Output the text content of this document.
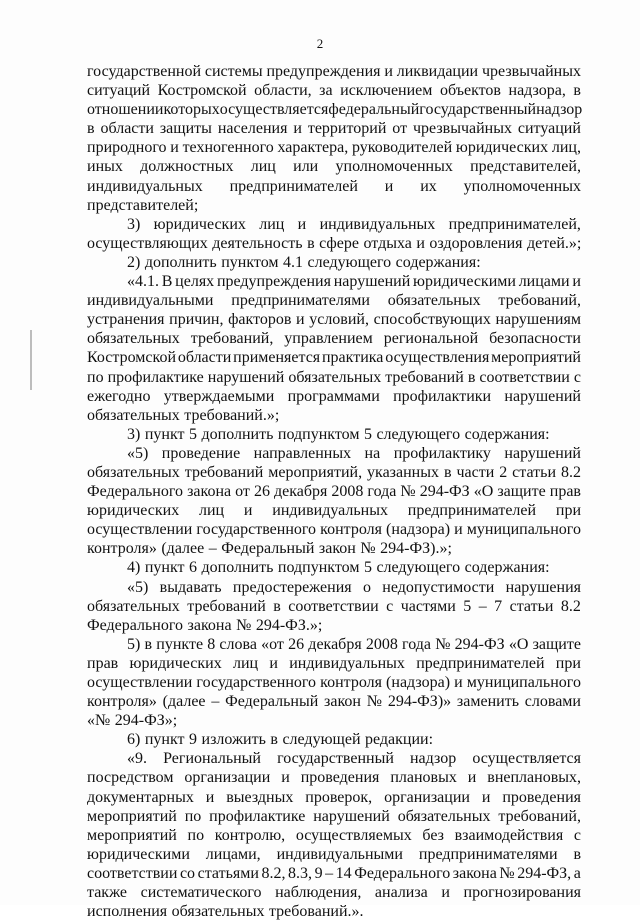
2
государственной системы предупреждения и ликвидации чрезвычайных
ситуаций Костромской области, за исключением объектов надзора, в
отношении которых осуществляется федеральный государственный надзор
в области защиты населения и территорий от чрезвычайных ситуаций
природного и техногенного характера, руководителей юридических лиц,
иных должностных лиц или уполномоченных представителей,
индивидуальных предпринимателей и их уполномоченных
представителей;
3) юридических лиц и индивидуальных предпринимателей,
осуществляющих деятельность в сфере отдыха и оздоровления детей.»;
2) дополнить пунктом 4.1 следующего содержания:
«4.1. В целях предупреждения нарушений юридическими лицами и
индивидуальными предпринимателями обязательных требований,
устранения причин, факторов и условий, способствующих нарушениям
обязательных требований, управлением региональной безопасности
Костромской области применяется практика осуществления мероприятий
по профилактике нарушений обязательных требований в соответствии с
ежегодно утверждаемыми программами профилактики нарушений
обязательных требований.»;
3) пункт 5 дополнить подпунктом 5 следующего содержания:
«5) проведение направленных на профилактику нарушений
обязательных требований мероприятий, указанных в части 2 статьи 8.2
Федерального закона от 26 декабря 2008 года № 294-ФЗ «О защите прав
юридических лиц и индивидуальных предпринимателей при
осуществлении государственного контроля (надзора) и муниципального
контроля» (далее – Федеральный закон № 294-ФЗ).»;
4) пункт 6 дополнить подпунктом 5 следующего содержания:
«5) выдавать предостережения о недопустимости нарушения
обязательных требований в соответствии с частями 5 – 7 статьи 8.2
Федерального закона № 294-ФЗ.»;
5) в пункте 8 слова «от 26 декабря 2008 года № 294-ФЗ «О защите
прав юридических лиц и индивидуальных предпринимателей при
осуществлении государственного контроля (надзора) и муниципального
контроля» (далее – Федеральный закон № 294-ФЗ)» заменить словами
«№ 294-ФЗ»;
6) пункт 9 изложить в следующей редакции:
«9. Региональный государственный надзор осуществляется
посредством организации и проведения плановых и внеплановых,
документарных и выездных проверок, организации и проведения
мероприятий по профилактике нарушений обязательных требований,
мероприятий по контролю, осуществляемых без взаимодействия с
юридическими лицами, индивидуальными предпринимателями в
соответствии со статьями 8.2, 8.3, 9 – 14 Федерального закона № 294-ФЗ, а
также систематического наблюдения, анализа и прогнозирования
исполнения обязательных требований.».
